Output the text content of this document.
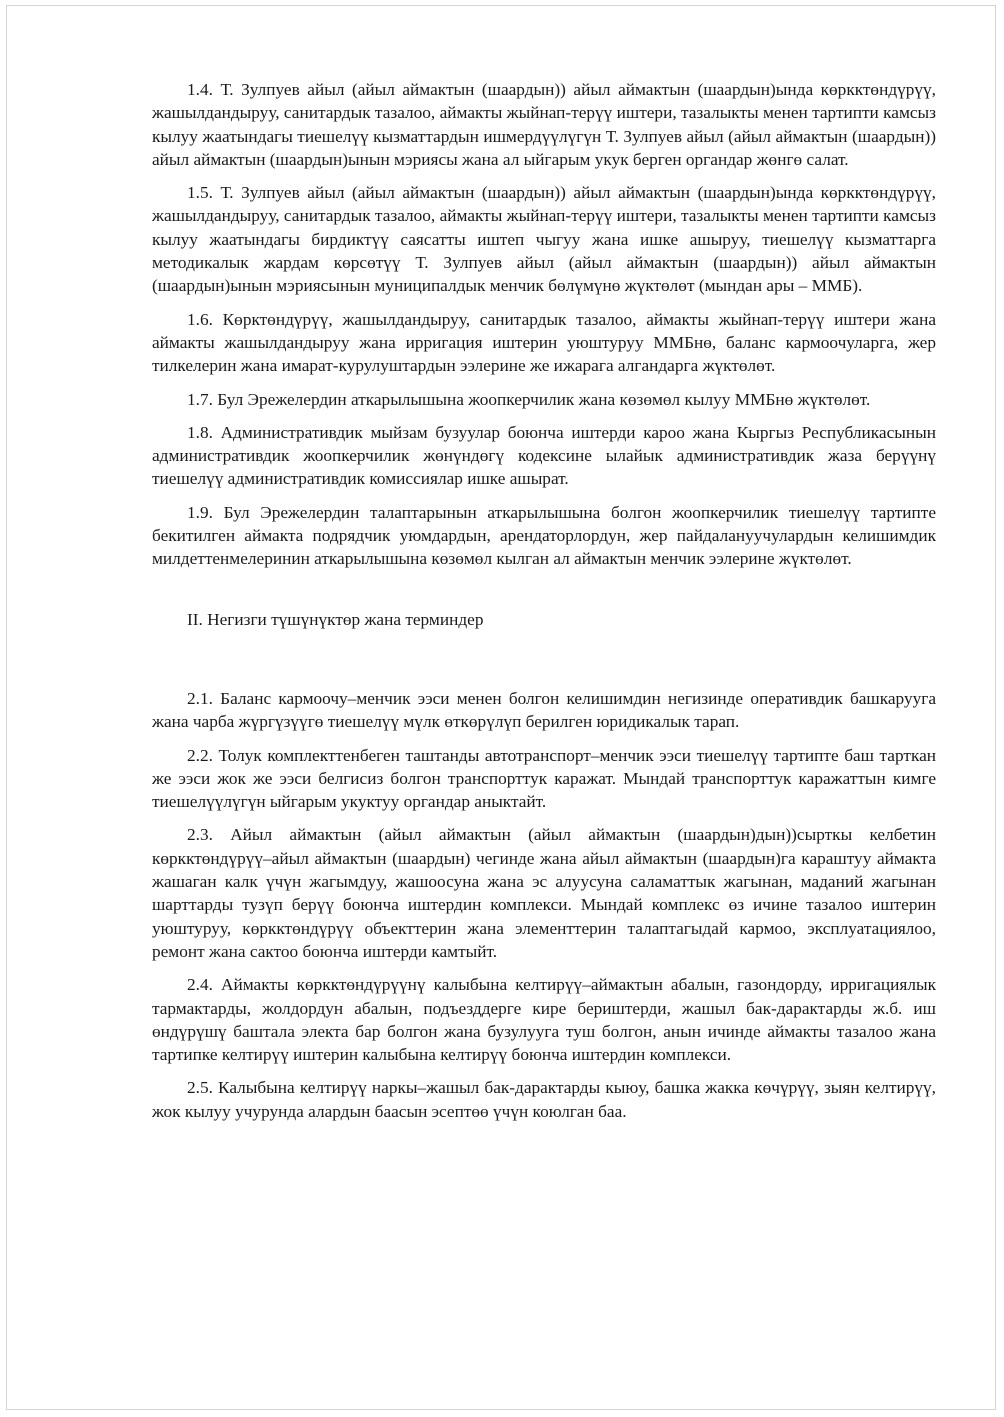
1.4. Т. Зулпуев айыл (айыл аймактын (шаардын)) айыл аймактын (шаардын)ында көркктөндүрүү, жашылдандыруу, санитардык тазалоо, аймакты жыйнап-терүү иштери, тазалыкты менен тартипти камсыз кылуу жаатындагы тиешелүү кызматтардын ишмердүүлүгүн Т. Зулпуев айыл (айыл аймактын (шаардын)) айыл аймактын (шаардын)ынын мэриясы жана ал ыйгарым укук берген органдар жөнгө салат.

1.5. Т. Зулпуев айыл (айыл аймактын (шаардын)) айыл аймактын (шаардын)ында көркктөндүрүү, жашылдандыруу, санитардык тазалоо, аймакты жыйнап-терүү иштери, тазалыкты менен тартипти камсыз кылуу жаатындагы бирдиктүү саясатты иштеп чыгуу жана ишке ашыруу, тиешелүү кызматтарга методикалык жардам көрсөтүү Т. Зулпуев айыл (айыл аймактын (шаардын)) айыл аймактын (шаардын)ынын мэриясынын муниципалдык менчик бөлүмүнө жүктөлөт (мындан ары – ММБ).

1.6. Көрктөндүрүү, жашылдандыруу, санитардык тазалоо, аймакты жыйнап-терүү иштери жана аймакты жашылдандыруу жана ирригация иштерин уюштуруу ММБнө, баланс кармоочуларга, жер тилкелерин жана имарат-курулуштардын ээлерине же ижарага алгандарга жүктөлөт.

1.7. Бул Эрежелердин аткарылышына жоопкерчилик жана көзөмөл кылуу ММБнө жүктөлөт.

1.8. Административдик мыйзам бузуулар боюнча иштерди кароо жана Кыргыз Республикасынын административдик жоопкерчилик жөнүндөгү кодексине ылайык административдик жаза берүүнү тиешелүү административдик комиссиялар ишке ашырат.

1.9. Бул Эрежелердин талаптарынын аткарылышына болгон жоопкерчилик тиешелүү тартипте бекитилген аймакта подрядчик уюмдардын, арендаторлордун, жер пайдалануучулардын келишимдик милдеттенмелеринин аткарылышына көзөмөл кылган ал аймактын менчик ээлерине жүктөлөт.

II. Негизги түшүнүктөр жана терминдер

2.1. Баланс кармоочу–менчик ээси менен болгон келишимдин негизинде оперативдик башкарууга жана чарба жүргүзүүгө тиешелүү мүлк өткөрүлүп берилген юридикалык тарап.

2.2. Толук комплекттенбеген таштанды автотранспорт–менчик ээси тиешелүү тартипте баш тарткан же ээси жок же ээси белгисиз болгон транспорттук каражат. Мындай транспорттук каражаттын кимге тиешелүүлүгүн ыйгарым укуктуу органдар аныктайт.

2.3. Айыл аймактын (айыл аймактын (айыл аймактын (шаардын)дын))сырткы келбетин көркктөндүрүү–айыл аймактын (шаардын) чегинде жана айыл аймактын (шаардын)га караштуу аймакта жашаган калк үчүн жагымдуу, жашоосуна жана эс алуусуна саламаттык жагынан, маданий жагынан шарттарды тузүп берүү боюнча иштердин комплекси. Мындай комплекс өз ичине тазалоо иштерин уюштуруу, көркктөндүрүү объекттерин жана элементтерин талаптагыдай кармоо, эксплуатациялоо, ремонт жана сактоо боюнча иштерди камтыйт.

2.4. Аймакты көркктөндүрүүнү калыбына келтирүү–аймактын абалын, газондорду, ирригациялык тармактарды, жолдордун абалын, подъезддерге кире бериштерди, жашыл бак-дарактарды ж.б. иш өндүрүшү баштала электа бар болгон жана бузулууга туш болгон, анын ичинде аймакты тазалоо жана тартипке келтирүү иштерин калыбына келтирүү боюнча иштердин комплекси.

2.5. Калыбына келтирүү наркы–жашыл бак-дарактарды кыюу, башка жакка көчүрүү, зыян келтирүү, жок кылуу учурунда алардын баасын эсептөө үчүн коюлган баа.
